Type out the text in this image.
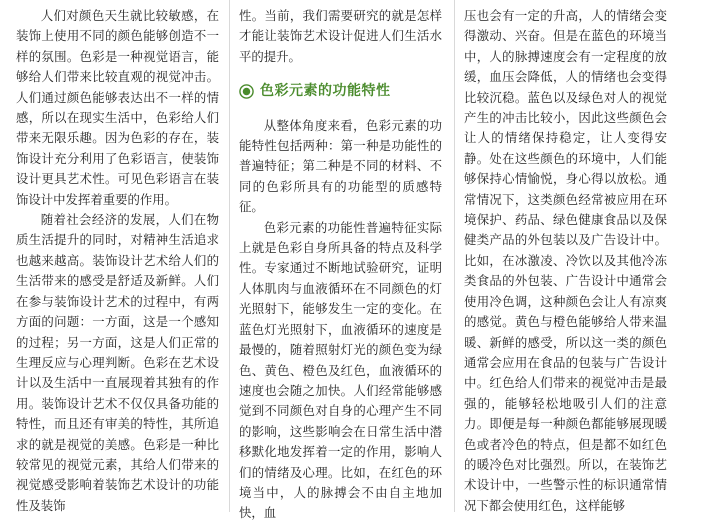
人们对颜色天生就比较敏感，在装饰上使用不同的颜色能够创造不一样的氛围。色彩是一种视觉语言，能够给人们带来比较直观的视觉冲击。人们通过颜色能够表达出不一样的情感，所以在现实生活中，色彩给人们带来无限乐趣。因为色彩的存在，装饰设计充分利用了色彩语言，使装饰设计更具艺术性。可见色彩语言在装饰设计中发挥着重要的作用。

随着社会经济的发展，人们在物质生活提升的同时，对精神生活追求也越来越高。装饰设计艺术给人们的生活带来的感受是舒适及新鲜。人们在参与装饰设计艺术的过程中，有两方面的问题：一方面，这是一个感知的过程；另一方面，这是人们正常的生理反应与心理判断。色彩在艺术设计以及生活中一直展现着其独有的作用。装饰设计艺术不仅仅具备功能的特性，而且还有审美的特性，其所追求的就是视觉的美感。色彩是一种比较常见的视觉元素，其给人们带来的视觉感受影响着装饰艺术设计的功能性及装饰

性。当前，我们需要研究的就是怎样才能让装饰艺术设计促进人们生活水平的提升。

色彩元素的功能特性

从整体角度来看，色彩元素的功能特性包括两种：第一种是功能性的普遍特征；第二种是不同的材料、不同的色彩所具有的功能型的质感特征。

色彩元素的功能性普遍特征实际上就是色彩自身所具备的特点及科学性。专家通过不断地试验研究，证明人体肌肉与血液循环在不同颜色的灯光照射下，能够发生一定的变化。在蓝色灯光照射下，血液循环的速度是最慢的，随着照射灯光的颜色变为绿色、黄色、橙色及红色，血液循环的速度也会随之加快。人们经常能够感觉到不同颜色对自身的心理产生不同的影响，这些影响会在日常生活中潜移默化地发挥着一定的作用，影响人们的情绪及心理。比如，在红色的环境当中，人的脉搏会不由自主地加快，血

压也会有一定的升高，人的情绪会变得激动、兴奋。但是在蓝色的环境当中，人的脉搏速度会有一定程度的放缓，血压会降低，人的情绪也会变得比较沉稳。蓝色以及绿色对人的视觉产生的冲击比较小，因此这些颜色会让人的情绪保持稳定，让人变得安静。处在这些颜色的环境中，人们能够保持心情愉悦，身心得以放松。通常情况下，这类颜色经常被应用在环境保护、药品、绿色健康食品以及保健类产品的外包装以及广告设计中。比如，在冰激凌、冷饮以及其他冷冻类食品的外包装、广告设计中通常会使用冷色调，这种颜色会让人有凉爽的感觉。黄色与橙色能够给人带来温暖、新鲜的感受，所以这一类的颜色通常会应用在食品的包装与广告设计中。红色给人们带来的视觉冲击是最强的，能够轻松地吸引人们的注意力。即便是每一种颜色都能够展现暖色或者冷色的特点，但是都不如红色的暖冷色对比强烈。所以，在装饰艺术设计中，一些警示性的标识通常情况下都会使用红色，这样能够
